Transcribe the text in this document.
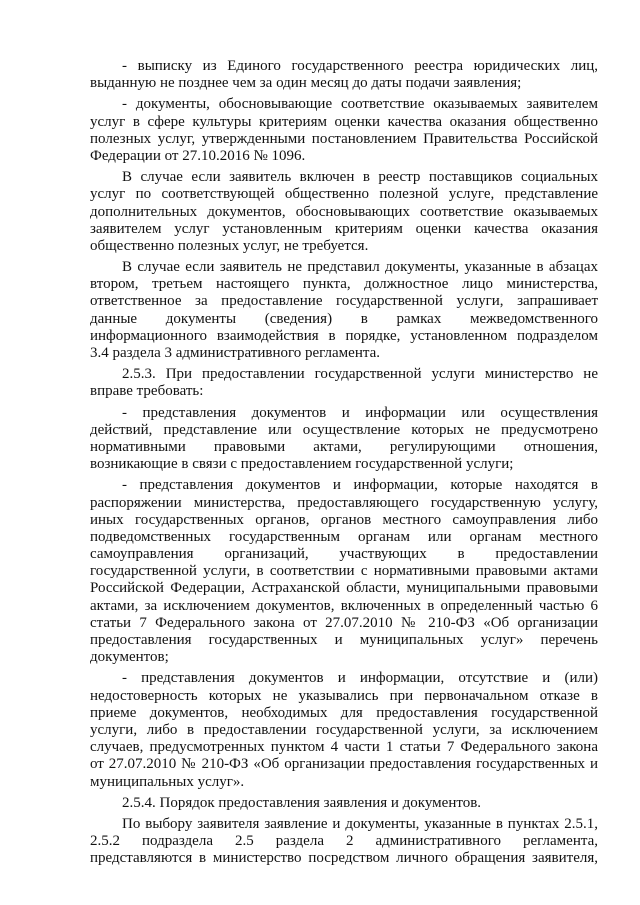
- выписку из Единого государственного реестра юридических лиц,
выданную не позднее чем за один месяц до даты подачи заявления;
- документы, обосновывающие соответствие оказываемых заявителем
услуг в сфере культуры критериям оценки качества оказания общественно
полезных услуг, утвержденными постановлением Правительства Российской
Федерации от 27.10.2016 № 1096.
В случае если заявитель включен в реестр поставщиков социальных
услуг по соответствующей общественно полезной услуге, представление
дополнительных документов, обосновывающих соответствие оказываемых
заявителем услуг установленным критериям оценки качества оказания
общественно полезных услуг, не требуется.
В случае если заявитель не представил документы, указанные в абзацах
втором, третьем настоящего пункта, должностное лицо министерства,
ответственное за предоставление государственной услуги, запрашивает
данные документы (сведения) в рамках межведомственного
информационного взаимодействия в порядке, установленном подразделом
3.4 раздела 3 административного регламента.
2.5.3. При предоставлении государственной услуги министерство не
вправе требовать:
- представления документов и информации или осуществления
действий, представление или осуществление которых не предусмотрено
нормативными правовыми актами, регулирующими отношения,
возникающие в связи с предоставлением государственной услуги;
- представления документов и информации, которые находятся в
распоряжении министерства, предоставляющего государственную услугу,
иных государственных органов, органов местного самоуправления либо
подведомственных государственным органам или органам местного
самоуправления организаций, участвующих в предоставлении
государственной услуги, в соответствии с нормативными правовыми актами
Российской Федерации, Астраханской области, муниципальными правовыми
актами, за исключением документов, включенных в определенный частью 6
статьи 7 Федерального закона от 27.07.2010 № 210-ФЗ «Об организации
предоставления государственных и муниципальных услуг» перечень
документов;
- представления документов и информации, отсутствие и (или)
недостоверность которых не указывались при первоначальном отказе в
приеме документов, необходимых для предоставления государственной
услуги, либо в предоставлении государственной услуги, за исключением
случаев, предусмотренных пунктом 4 части 1 статьи 7 Федерального закона
от 27.07.2010 № 210-ФЗ «Об организации предоставления государственных и
муниципальных услуг».
2.5.4. Порядок предоставления заявления и документов.
По выбору заявителя заявление и документы, указанные в пунктах 2.5.1,
2.5.2 подраздела 2.5 раздела 2 административного регламента,
представляются в министерство посредством личного обращения заявителя,
